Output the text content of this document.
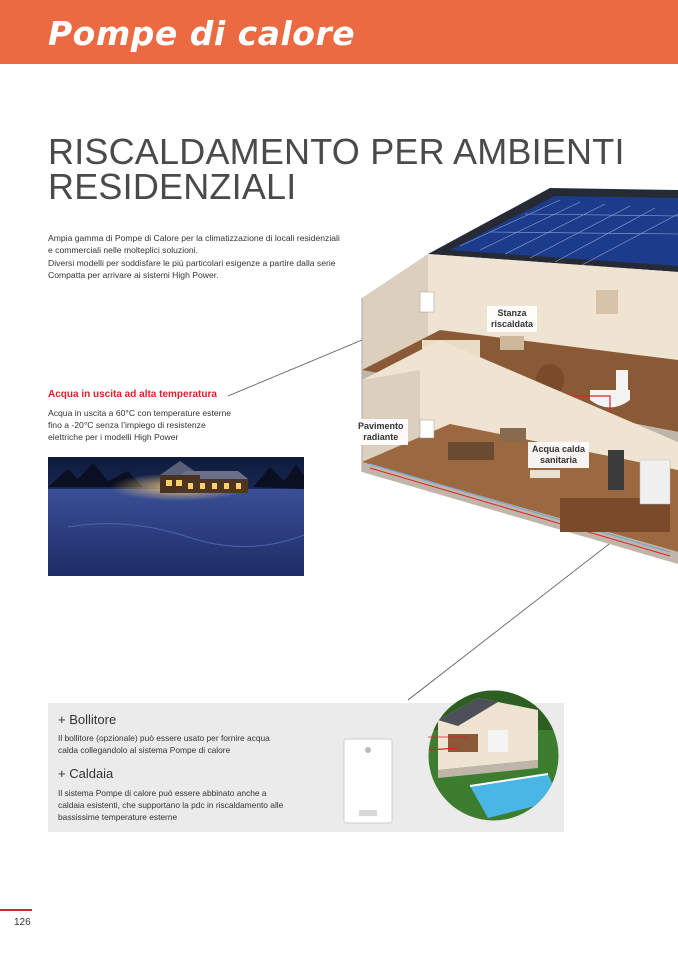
Pompe di calore
RISCALDAMENTO PER AMBIENTI
RESIDENZIALI

Ampia gamma di Pompe di Calore per la climatizzazione di locali residenziali

e commerciali nelle molteplici soluzioni.

Diversi modelli per soddisfare le più particolari esigenze a partire dalla serie

Compatta per arrivare ai sistemi High Power.

Acqua in uscita ad alta temperatura
Acqua in uscita a 60°C con temperature esterne
fino a -20°C senza l’impiego di resistenze
elettriche per i modelli High Power
Stanza
riscaldata
Pavimento
radiante
Acqua calda
sanitaria
+ Bollitore
Il bollitore (opzionale) può essere usato per fornire acqua
calda collegandolo al sistema Pompe di calore
+ Caldaia
Il sistema Pompe di calore può essere abbinato anche a
caldaia esistenti, che supportano la pdc in riscaldamento alle
bassissime temperature esterne
126
